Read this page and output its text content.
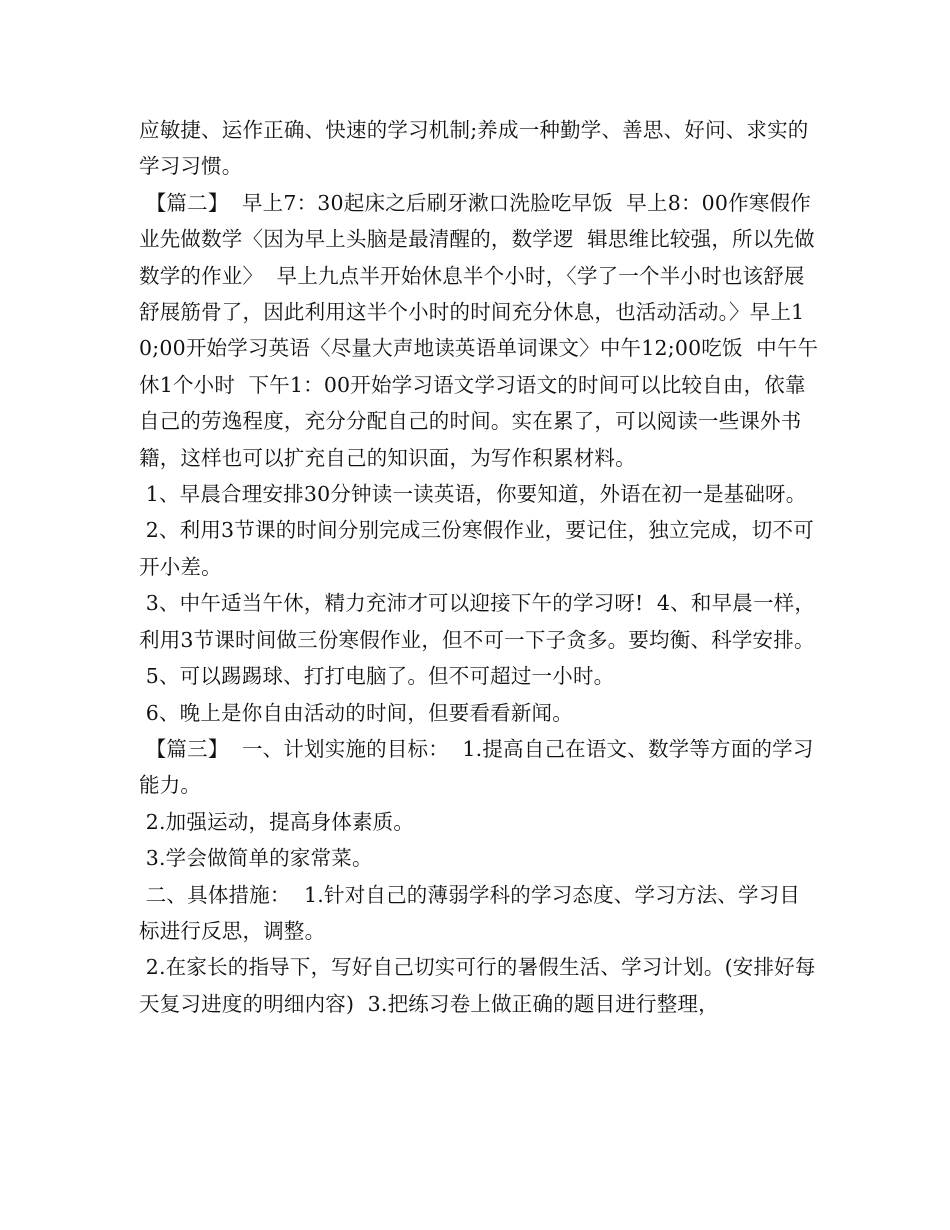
应敏捷、运作正确、快速的学习机制;养成一种勤学、善思、好问、求实的学习习惯。

【篇二】  早上7：30起床之后刷牙漱口洗脸吃早饭  早上8：00作寒假作业先做数学〈因为早上头脑是最清醒的，数学逻  辑思维比较强，所以先做数学的作业〉  早上九点半开始休息半个小时，〈学了一个半小时也该舒展舒展筋骨了，因此利用这半个小时的时间充分休息，也活动活动。〉早上10;00开始学习英语〈尽量大声地读英语单词课文〉中午12;00吃饭  中午午休1个小时  下午1：00开始学习语文学习语文的时间可以比较自由，依靠自己的劳逸程度，充分分配自己的时间。实在累了，可以阅读一些课外书籍，这样也可以扩充自己的知识面，为写作积累材料。

1、早晨合理安排30分钟读一读英语，你要知道，外语在初一是基础呀。

2、利用3节课的时间分别完成三份寒假作业，要记住，独立完成，切不可开小差。

3、中午适当午休，精力充沛才可以迎接下午的学习呀!  4、和早晨一样，利用3节课时间做三份寒假作业，但不可一下子贪多。要均衡、科学安排。

5、可以踢踢球、打打电脑了。但不可超过一小时。

6、晚上是你自由活动的时间，但要看看新闻。

【篇三】  一、计划实施的目标：  1.提高自己在语文、数学等方面的学习能力。

2.加强运动，提高身体素质。

3.学会做简单的家常菜。

二、具体措施：  1.针对自己的薄弱学科的学习态度、学习方法、学习目标进行反思，调整。

2.在家长的指导下，写好自己切实可行的暑假生活、学习计划。(安排好每天复习进度的明细内容)  3.把练习卷上做正确的题目进行整理，
